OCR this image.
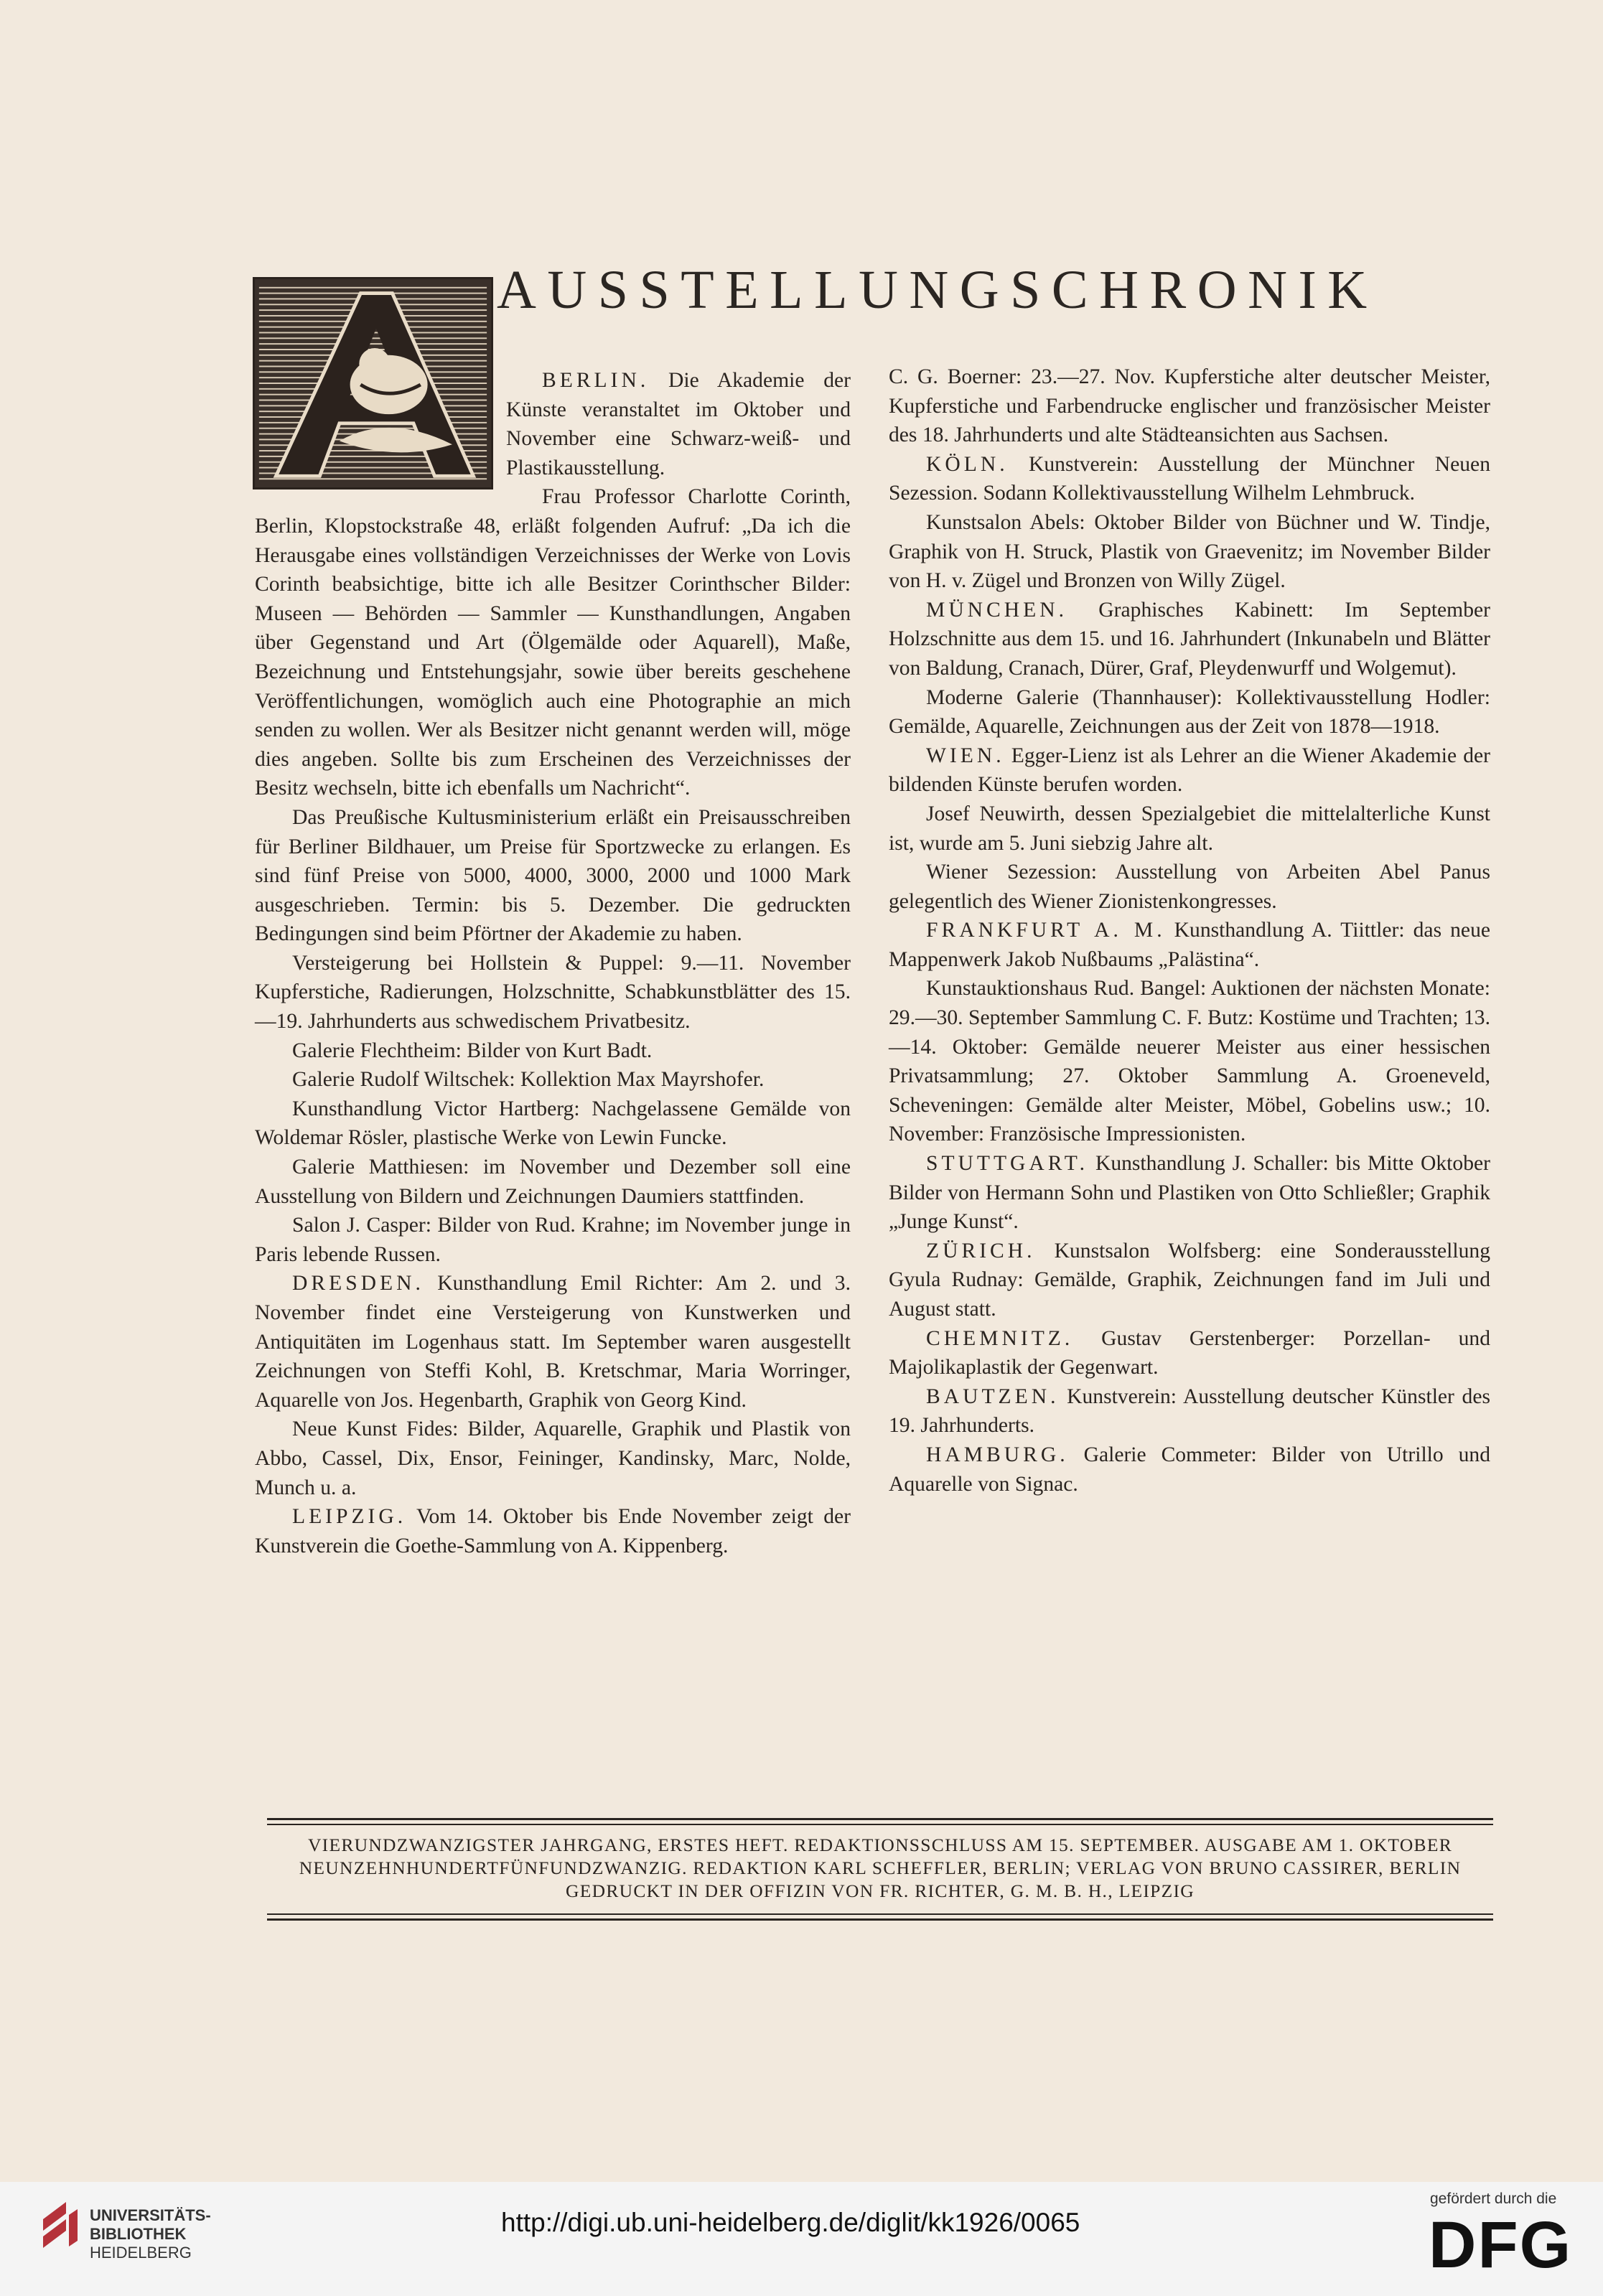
AUSSTELLUNGSCHRONIK

BERLIN. Die Akademie der Künste veranstaltet im Oktober und November eine Schwarz-weiß- und Plastikausstellung.

Frau Professor Charlotte Corinth, Berlin, Klopstockstraße 48, erläßt folgenden Aufruf: „Da ich die Herausgabe eines vollständigen Verzeichnisses der Werke von Lovis Corinth beabsichtige, bitte ich alle Besitzer Corinthscher Bilder: Museen — Behörden — Sammler — Kunsthandlungen, Angaben über Gegenstand und Art (Ölgemälde oder Aquarell), Maße, Bezeichnung und Entstehungsjahr, sowie über bereits geschehene Veröffentlichungen, womöglich auch eine Photographie an mich senden zu wollen. Wer als Besitzer nicht genannt werden will, möge dies angeben. Sollte bis zum Erscheinen des Verzeichnisses der Besitz wechseln, bitte ich ebenfalls um Nachricht“.

Das Preußische Kultusministerium erläßt ein Preisausschreiben für Berliner Bildhauer, um Preise für Sportzwecke zu erlangen. Es sind fünf Preise von 5000, 4000, 3000, 2000 und 1000 Mark ausgeschrieben. Termin: bis 5. Dezember. Die gedruckten Bedingungen sind beim Pförtner der Akademie zu haben.

Versteigerung bei Hollstein & Puppel: 9.—11. November Kupferstiche, Radierungen, Holzschnitte, Schabkunstblätter des 15.—19. Jahrhunderts aus schwedischem Privatbesitz.

Galerie Flechtheim: Bilder von Kurt Badt.

Galerie Rudolf Wiltschek: Kollektion Max Mayrshofer.

Kunsthandlung Victor Hartberg: Nachgelassene Gemälde von Woldemar Rösler, plastische Werke von Lewin Funcke.

Galerie Matthiesen: im November und Dezember soll eine Ausstellung von Bildern und Zeichnungen Daumiers stattfinden.

Salon J. Casper: Bilder von Rud. Krahne; im November junge in Paris lebende Russen.

DRESDEN. Kunsthandlung Emil Richter: Am 2. und 3. November findet eine Versteigerung von Kunstwerken und Antiquitäten im Logenhaus statt. Im September waren ausgestellt Zeichnungen von Steffi Kohl, B. Kretschmar, Maria Worringer, Aquarelle von Jos. Hegenbarth, Graphik von Georg Kind.

Neue Kunst Fides: Bilder, Aquarelle, Graphik und Plastik von Abbo, Cassel, Dix, Ensor, Feininger, Kandinsky, Marc, Nolde, Munch u. a.

LEIPZIG. Vom 14. Oktober bis Ende November zeigt der Kunstverein die Goethe-Sammlung von A. Kippenberg.

C. G. Boerner: 23.—27. Nov. Kupferstiche alter deutscher Meister, Kupferstiche und Farbendrucke englischer und französischer Meister des 18. Jahrhunderts und alte Städteansichten aus Sachsen.

KÖLN. Kunstverein: Ausstellung der Münchner Neuen Sezession. Sodann Kollektivausstellung Wilhelm Lehmbruck.

Kunstsalon Abels: Oktober Bilder von Büchner und W. Tindje, Graphik von H. Struck, Plastik von Graevenitz; im November Bilder von H. v. Zügel und Bronzen von Willy Zügel.

MÜNCHEN. Graphisches Kabinett: Im September Holzschnitte aus dem 15. und 16. Jahrhundert (Inkunabeln und Blätter von Baldung, Cranach, Dürer, Graf, Pleydenwurff und Wolgemut).

Moderne Galerie (Thannhauser): Kollektivausstellung Hodler: Gemälde, Aquarelle, Zeichnungen aus der Zeit von 1878—1918.

WIEN. Egger-Lienz ist als Lehrer an die Wiener Akademie der bildenden Künste berufen worden.

Josef Neuwirth, dessen Spezialgebiet die mittelalterliche Kunst ist, wurde am 5. Juni siebzig Jahre alt.

Wiener Sezession: Ausstellung von Arbeiten Abel Panus gelegentlich des Wiener Zionistenkongresses.

FRANKFURT A. M. Kunsthandlung A. Tiittler: das neue Mappenwerk Jakob Nußbaums „Palästina“.

Kunstauktionshaus Rud. Bangel: Auktionen der nächsten Monate: 29.—30. September Sammlung C. F. Butz: Kostüme und Trachten; 13.—14. Oktober: Gemälde neuerer Meister aus einer hessischen Privatsammlung; 27. Oktober Sammlung A. Groeneveld, Scheveningen: Gemälde alter Meister, Möbel, Gobelins usw.; 10. November: Französische Impressionisten.

STUTTGART. Kunsthandlung J. Schaller: bis Mitte Oktober Bilder von Hermann Sohn und Plastiken von Otto Schließler; Graphik „Junge Kunst“.

ZÜRICH. Kunstsalon Wolfsberg: eine Sonderausstellung Gyula Rudnay: Gemälde, Graphik, Zeichnungen fand im Juli und August statt.

CHEMNITZ. Gustav Gerstenberger: Porzellan- und Majolikaplastik der Gegenwart.

BAUTZEN. Kunstverein: Ausstellung deutscher Künstler des 19. Jahrhunderts.

HAMBURG. Galerie Commeter: Bilder von Utrillo und Aquarelle von Signac.

VIERUNDZWANZIGSTER JAHRGANG, ERSTES HEFT. REDAKTIONSSCHLUSS AM 15. SEPTEMBER. AUSGABE AM 1. OKTOBER
NEUNZEHNHUNDERTFÜNFUNDZWANZIG. REDAKTION KARL SCHEFFLER, BERLIN; VERLAG VON BRUNO CASSIRER, BERLIN
GEDRUCKT IN DER OFFIZIN VON FR. RICHTER, G. M. B. H., LEIPZIG
UNIVERSITÄTS-
BIBLIOTHEK
HEIDELBERG
http://digi.ub.uni-heidelberg.de/diglit/kk1926/0065
gefördert durch die
DFG
